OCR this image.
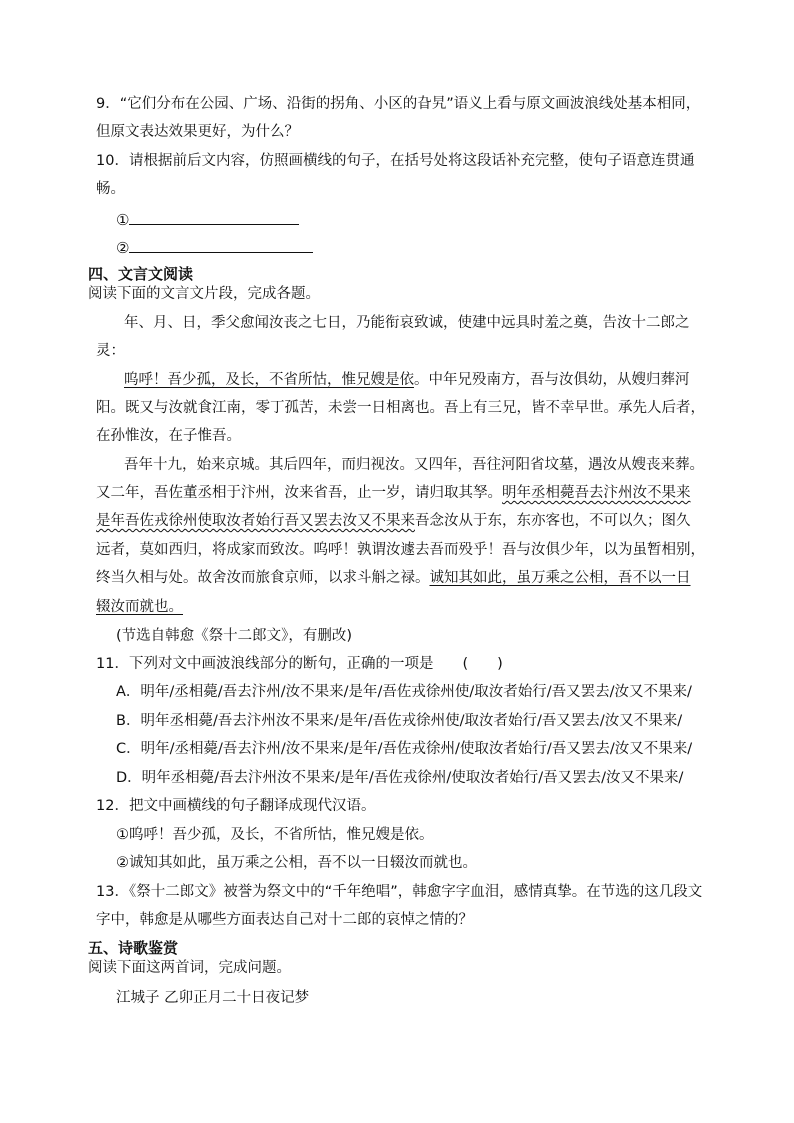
9．“它们分布在公园、广场、沿街的拐角、小区的旮旯”语义上看与原文画波浪线处基本相同，
但原文表达效果更好，为什么？
10．请根据前后文内容，仿照画横线的句子，在括号处将这段话补充完整，使句子语意连贯通
畅。
①
②
四、文言文阅读
阅读下面的文言文片段，完成各题。
年、月、日，季父愈闻汝丧之七日，乃能衔哀致诚，使建中远具时羞之奠，告汝十二郎之
灵：
呜呼！吾少孤，及长，不省所怙，惟兄嫂是依。中年兄殁南方，吾与汝俱幼，从嫂归葬河
阳。既又与汝就食江南，零丁孤苦，未尝一日相离也。吾上有三兄，皆不幸早世。承先人后者，
在孙惟汝，在子惟吾。
吾年十九，始来京城。其后四年，而归视汝。又四年，吾往河阳省坟墓，遇汝从嫂丧来葬。
又二年，吾佐董丞相于汴州，汝来省吾，止一岁，请归取其孥。明年丞相薨吾去汴州汝不果来
是年吾佐戎徐州使取汝者始行吾又罢去汝又不果来吾念汝从于东，东亦客也，不可以久；图久
远者，莫如西归，将成家而致汝。呜呼！孰谓汝遽去吾而殁乎！吾与汝俱少年，以为虽暂相别，
终当久相与处。故舍汝而旅食京师，以求斗斛之禄。诚知其如此，虽万乘之公相，吾不以一日
辍汝而就也。
(节选自韩愈《祭十二郎文》，有删改)
11．下列对文中画波浪线部分的断句，正确的一项是　　(　　)
A．明年/丞相薨/吾去汴州/汝不果来/是年/吾佐戎徐州使/取汝者始行/吾又罢去/汝又不果来/
B．明年丞相薨/吾去汴州汝不果来/是年/吾佐戎徐州使/取汝者始行/吾又罢去/汝又不果来/
C．明年/丞相薨/吾去汴州/汝不果来/是年/吾佐戎徐州/使取汝者始行/吾又罢去/汝又不果来/
D．明年丞相薨/吾去汴州汝不果来/是年/吾佐戎徐州/使取汝者始行/吾又罢去/汝又不果来/
12．把文中画横线的句子翻译成现代汉语。
①呜呼！吾少孤，及长，不省所怙，惟兄嫂是依。
②诚知其如此，虽万乘之公相，吾不以一日辍汝而就也。
13．《祭十二郎文》被誉为祭文中的“千年绝唱”，韩愈字字血泪，感情真挚。在节选的这几段文
字中，韩愈是从哪些方面表达自己对十二郎的哀悼之情的？
五、诗歌鉴赏
阅读下面这两首词，完成问题。
江城子 乙卯正月二十日夜记梦
